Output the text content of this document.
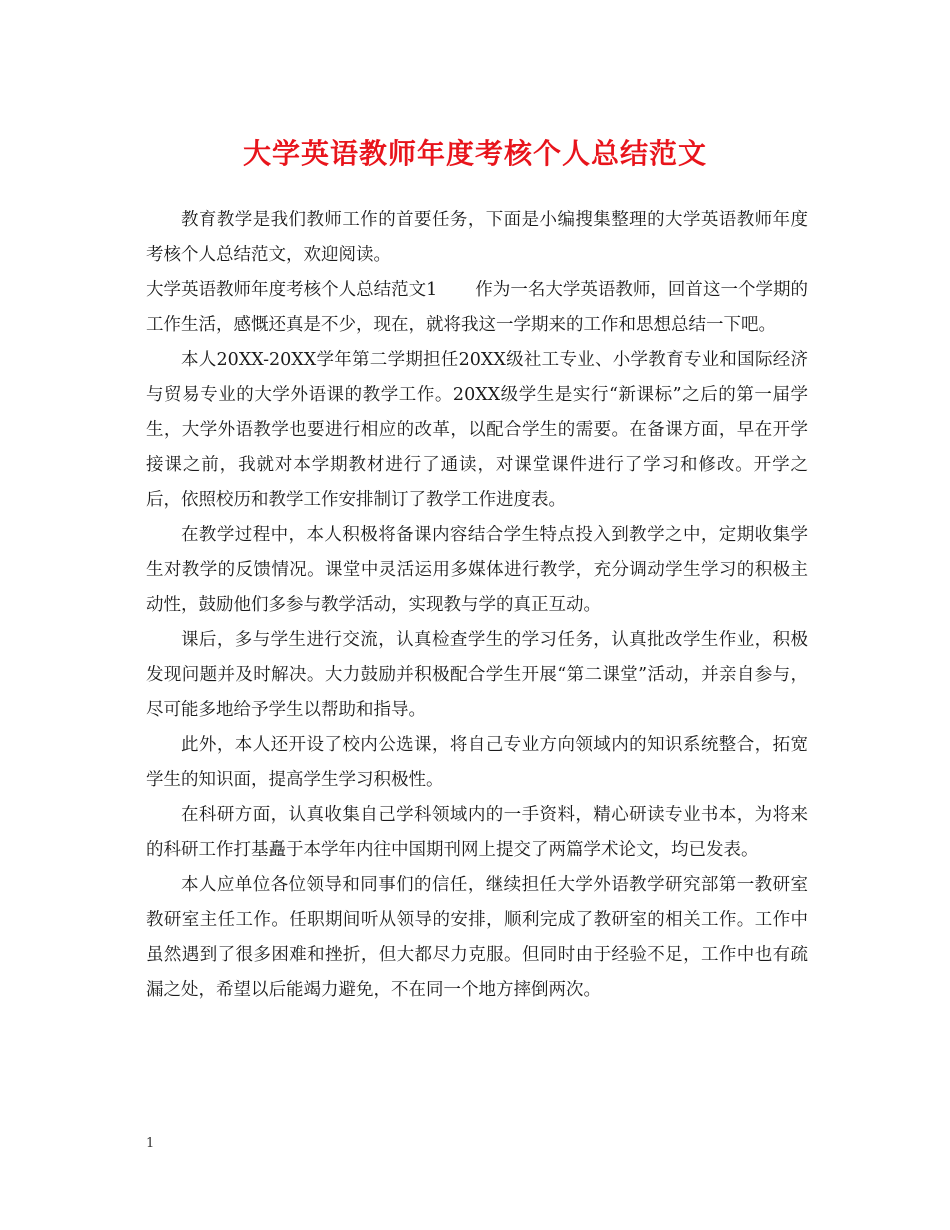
大学英语教师年度考核个人总结范文

教育教学是我们教师工作的首要任务，下面是小编搜集整理的大学英语教师年度考核个人总结范文，欢迎阅读。

大学英语教师年度考核个人总结范文1 作为一名大学英语教师，回首这一个学期的工作生活，感慨还真是不少，现在，就将我这一学期来的工作和思想总结一下吧。

本人20XX-20XX学年第二学期担任20XX级社工专业、小学教育专业和国际经济与贸易专业的大学外语课的教学工作。20XX级学生是实行“新课标”之后的第一届学生，大学外语教学也要进行相应的改革，以配合学生的需要。在备课方面，早在开学接课之前，我就对本学期教材进行了通读，对课堂课件进行了学习和修改。开学之后，依照校历和教学工作安排制订了教学工作进度表。

在教学过程中，本人积极将备课内容结合学生特点投入到教学之中，定期收集学生对教学的反馈情况。课堂中灵活运用多媒体进行教学，充分调动学生学习的积极主动性，鼓励他们多参与教学活动，实现教与学的真正互动。

课后，多与学生进行交流，认真检查学生的学习任务，认真批改学生作业，积极发现问题并及时解决。大力鼓励并积极配合学生开展“第二课堂”活动，并亲自参与，尽可能多地给予学生以帮助和指导。

此外，本人还开设了校内公选课，将自己专业方向领域内的知识系统整合，拓宽学生的知识面，提高学生学习积极性。

在科研方面，认真收集自己学科领域内的一手资料，精心研读专业书本，为将来的科研工作打基矗于本学年内往中国期刊网上提交了两篇学术论文，均已发表。

本人应单位各位领导和同事们的信任，继续担任大学外语教学研究部第一教研室教研室主任工作。任职期间听从领导的安排，顺利完成了教研室的相关工作。工作中虽然遇到了很多困难和挫折，但大都尽力克服。但同时由于经验不足，工作中也有疏漏之处，希望以后能竭力避免，不在同一个地方摔倒两次。

1
